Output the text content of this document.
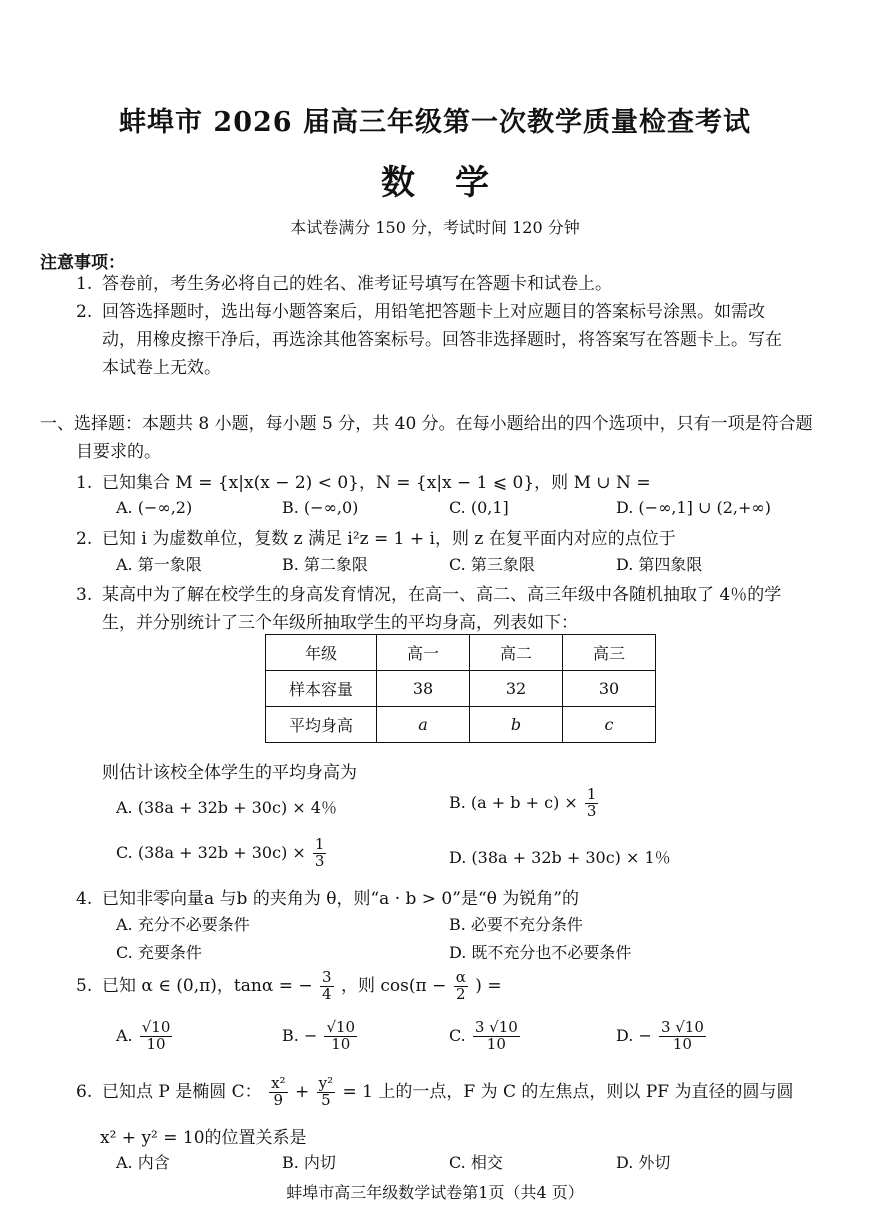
蚌埠市 2026 届高三年级第一次教学质量检查考试
数学
本试卷满分 150 分，考试时间 120 分钟
注意事项：
1. 答卷前，考生务必将自己的姓名、准考证号填写在答题卡和试卷上。
2. 回答选择题时，选出每小题答案后，用铅笔把答题卡上对应题目的答案标号涂黑。如需改
动，用橡皮擦干净后，再选涂其他答案标号。回答非选择题时，将答案写在答题卡上。写在
本试卷上无效。
一、选择题：本题共 8 小题，每小题 5 分，共 40 分。在每小题给出的四个选项中，只有一项是符合题
目要求的。
1. 已知集合 M = {x|x(x − 2) < 0}，N = {x|x − 1 ⩽ 0}，则 M ∪ N =
A. (−∞,2)	B. (−∞,0)	C. (0,1]	D. (−∞,1] ∪ (2,+∞)
2. 已知 i 为虚数单位，复数 z 满足 i²z = 1 + i，则 z 在复平面内对应的点位于
A. 第一象限	B. 第二象限	C. 第三象限	D. 第四象限
3. 某高中为了解在校学生的身高发育情况，在高一、高二、高三年级中各随机抽取了 4％的学
生，并分别统计了三个年级所抽取学生的平均身高，列表如下：
年级	高一	高二	高三
样本容量	38	32	30
平均身高	a	b	c
则估计该校全体学生的平均身高为
A. (38a + 32b + 30c) × 4％	B. $(a + b + c) \times \frac{1}{3}$
C. $(38a + 32b + 30c) \times \frac{1}{3}$	D. (38a + 32b + 30c) × 1％
4. 已知非零向量a 与b 的夹角为 θ，则“a · b > 0”是“θ 为锐角”的
A. 充分不必要条件	B. 必要不充分条件
C. 充要条件	D. 既不充分也不必要条件
5. 已知 α ∈ (0,π)，tanα = − $\frac{3}{4}$ ，则 $\cos(\pi - \frac{\alpha}{2}$ ) =
A. $\frac{√10}{10}$	B. − $\frac{√10}{10}$	C. $\frac{3 √10}{10}$	D. − $\frac{3 √10}{10}$
6. 已知点 P 是椭圆 C： $\frac{\text{x²}}{9} + \frac{\text{y²}}{5} = 1$ 上的一点，F 为 C 的左焦点，则以 PF 为直径的圆与圆
x² + y² = 10的位置关系是
A. 内含	B. 内切	C. 相交	D. 外切
蚌埠市高三年级数学试卷第1页（共4 页）
